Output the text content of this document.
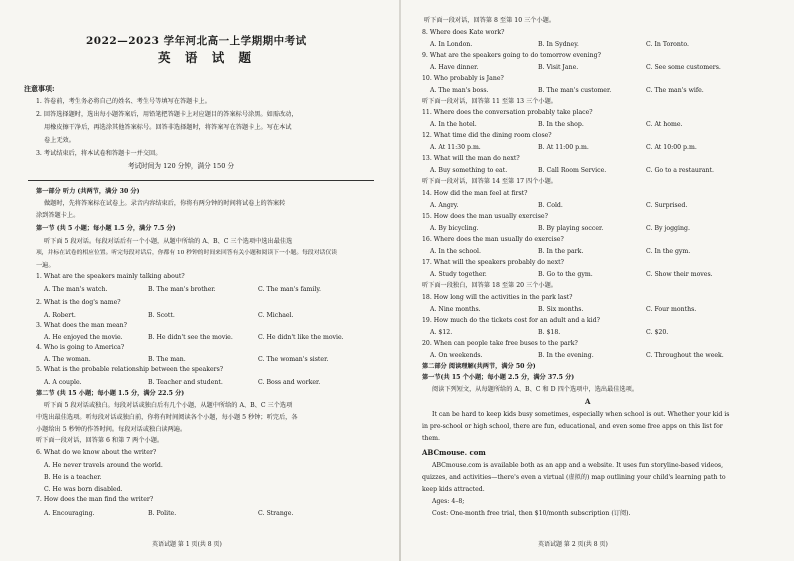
2022—2023 学年河北高一上学期期中考试
英 语 试 题
注意事项:
1. 答卷前，考生务必将自己的姓名、考生号等填写在答题卡上。
2. 回答选择题时，选出每小题答案后，用铅笔把答题卡上对应题目的答案标号涂黑。如需改动，
用橡皮擦干净后，再选涂其他答案标号。回答非选择题时，将答案写在答题卡上。写在本试
卷上无效。
3. 考试结束后，将本试卷和答题卡一并交回。
考试时间为 120 分钟，满分 150 分
第一部分 听力 (共两节，满分 30 分)
做题时，先将答案标在试卷上。录音内容结束后，你将有两分钟的时间将试卷上的答案转
涂到答题卡上。
第一节 (共 5 小题；每小题 1.5 分，满分 7.5 分)
听下面 5 段对话。每段对话后有一个小题，从题中所给的 A、B、C 三个选项中选出最佳选
项，并标在试卷的相应位置。听完每段对话后，你都有 10 秒钟的时间来回答有关小题和阅读下一小题。每段对话仅读
一遍。
1. What are the speakers mainly talking about?
A. The man's watch.	B. The man's brother.	C. The man's family.
2. What is the dog's name?
A. Robert.	B. Scott.	C. Michael.
3. What does the man mean?
A. He enjoyed the movie.	B. He didn't see the movie.	C. He didn't like the movie.
4. Who is going to America?
A. The woman.	B. The man.	C. The woman's sister.
5. What is the probable relationship between the speakers?
A. A couple.	B. Teacher and student.	C. Boss and worker.
第二节 (共 15 小题；每小题 1.5 分，满分 22.5 分)
听下面 5 段对话或独白。每段对话或独白后有几个小题，从题中所给的 A、B、C 三个选项
中选出最佳选项。听每段对话或独白前，你将有时间阅读各个小题，每小题 5 秒钟；听完后，各
小题给出 5 秒钟的作答时间。每段对话或独白读两遍。
听下面一段对话，回答第 6 和第 7 两个小题。
6. What do we know about the writer?
A. He never travels around the world.
B. He is a teacher.
C. He was born disabled.
7. How does the man find the writer?
A. Encouraging.	B. Polite.	C. Strange.
英语试题 第 1 页(共 8 页)
听下面一段对话，回答第 8 至第 10 三个小题。
8. Where does Kate work?
A. In London.	B. In Sydney.	C. In Toronto.
9. What are the speakers going to do tomorrow evening?
A. Have dinner.	B. Visit Jane.	C. See some customers.
10. Who probably is Jane?
A. The man's boss.	B. The man's customer.	C. The man's wife.
听下面一段对话，回答第 11 至第 13 三个小题。
11. Where does the conversation probably take place?
A. In the hotel.	B. In the shop.	C. At home.
12. What time did the dining room close?
A. At 11:30 p.m.	B. At 11:00 p.m.	C. At 10:00 p.m.
13. What will the man do next?
A. Buy something to eat.	B. Call Room Service.	C. Go to a restaurant.
听下面一段对话，回答第 14 至第 17 四个小题。
14. How did the man feel at first?
A. Angry.	B. Cold.	C. Surprised.
15. How does the man usually exercise?
A. By bicycling.	B. By playing soccer.	C. By jogging.
16. Where does the man usually do exercise?
A. In the school.	B. In the park.	C. In the gym.
17. What will the speakers probably do next?
A. Study together.	B. Go to the gym.	C. Show their moves.
听下面一段独白，回答第 18 至第 20 三个小题。
18. How long will the activities in the park last?
A. Nine months.	B. Six months.	C. Four months.
19. How much do the tickets cost for an adult and a kid?
A. $12.	B. $18.	C. $20.
20. When can people take free buses to the park?
A. On weekends.	B. In the evening.	C. Throughout the week.
第二部分 阅读理解(共两节，满分 50 分)
第一节(共 15 个小题；每小题 2.5 分，满分 37.5 分)
阅读下列短文，从每题所给的 A、B、C 和 D 四个选项中，选出最佳选项。
A
It can be hard to keep kids busy sometimes, especially when school is out. Whether your kid is
in pre-school or high school, there are fun, educational, and even some free apps on this list for
them.
ABCmouse. com
ABCmouse.com is available both as an app and a website. It uses fun storyline-based videos,
quizzes, and activities—there's even a virtual (虚拟的) map outlining your child's learning path to
keep kids attracted.
Ages: 4–8;
Cost: One-month free trial, then $10/month subscription (订阅).
英语试题 第 2 页(共 8 页)
